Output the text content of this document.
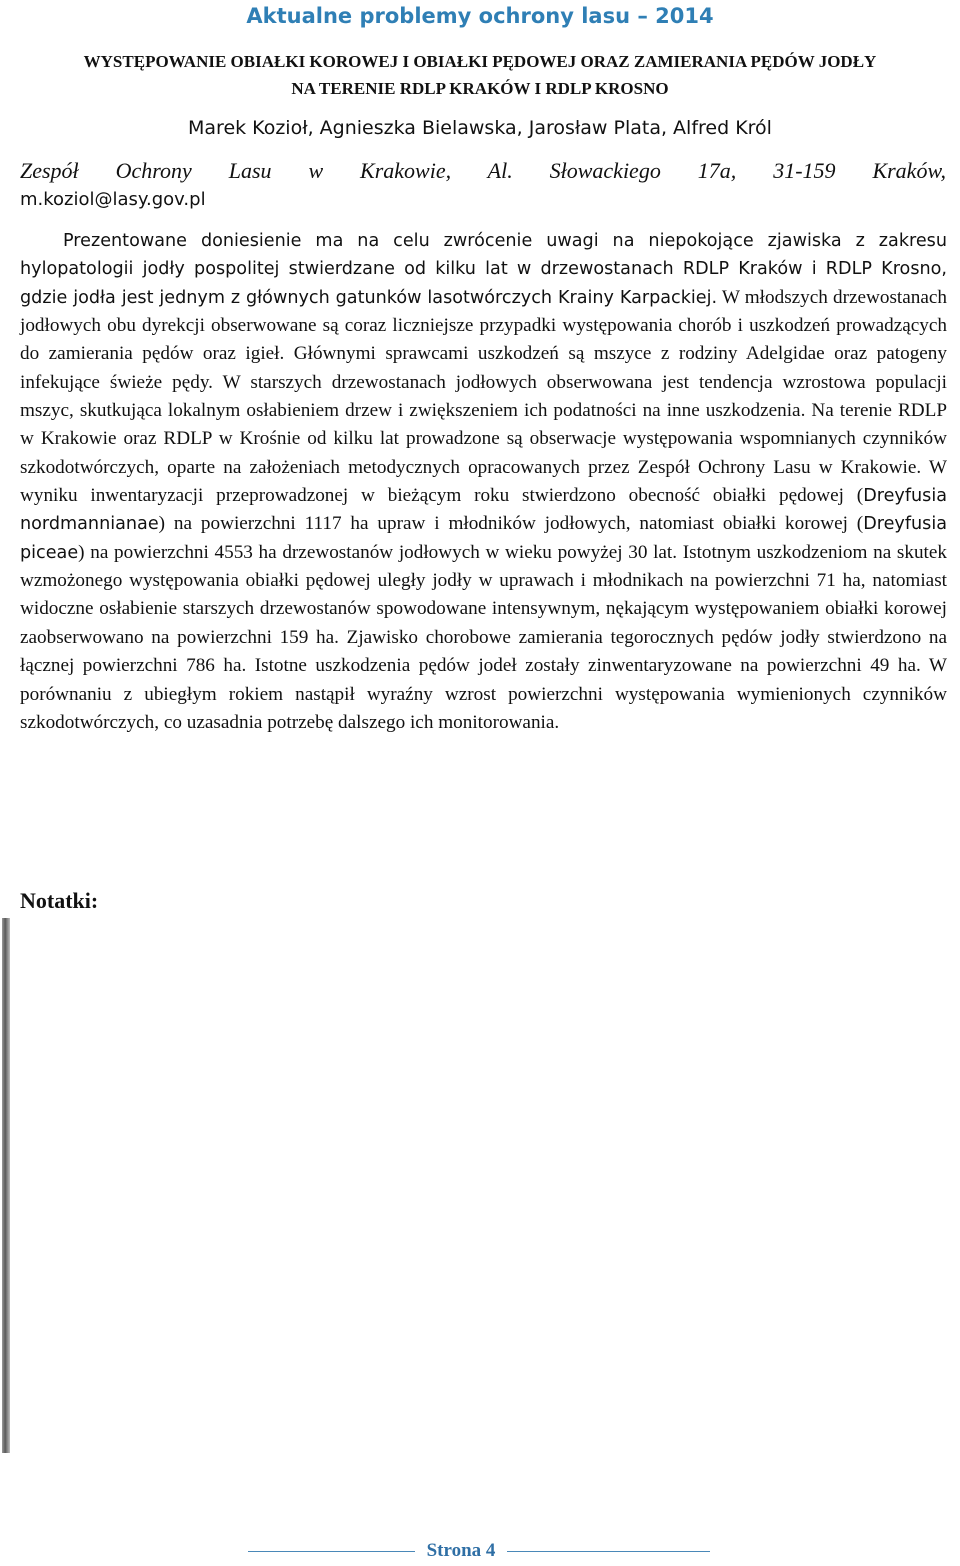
Aktualne problemy ochrony lasu – 2014
WYSTĘPOWANIE OBIAŁKI KOROWEJ I OBIAŁKI PĘDOWEJ ORAZ ZAMIERANIA PĘDÓW JODŁY
NA TERENIE RDLP KRAKÓW I RDLP KROSNO
Marek Kozioł, Agnieszka Bielawska, Jarosław Plata, Alfred Król
Zespół Ochrony Lasu w Krakowie, Al. Słowackiego 17a, 31-159 Kraków,
m.koziol@lasy.gov.pl

Prezentowane doniesienie ma na celu zwrócenie uwagi na niepokojące zjawiska z zakresu hylopatologii jodły pospolitej stwierdzane od kilku lat w drzewostanach RDLP Kraków i RDLP Krosno, gdzie jodła jest jednym z głównych gatunków lasotwórczych Krainy Karpackiej. W młodszych drzewostanach jodłowych obu dyrekcji obserwowane są coraz liczniejsze przypadki występowania chorób i uszkodzeń prowadzących do zamierania pędów oraz igieł. Głównymi sprawcami uszkodzeń są mszyce z rodziny Adelgidae oraz patogeny infekujące świeże pędy. W starszych drzewostanach jodłowych obserwowana jest tendencja wzrostowa populacji mszyc, skutkująca lokalnym osłabieniem drzew i zwiększeniem ich podatności na inne uszkodzenia. Na terenie RDLP w Krakowie oraz RDLP w Krośnie od kilku lat prowadzone są obserwacje występowania wspomnianych czynników szkodotwórczych, oparte na założeniach metodycznych opracowanych przez Zespół Ochrony Lasu w Krakowie. W wyniku inwentaryzacji przeprowadzonej w bieżącym roku stwierdzono obecność obiałki pędowej (Dreyfusia nordmannianae) na powierzchni 1117 ha upraw i młodników jodłowych, natomiast obiałki korowej (Dreyfusia piceae) na powierzchni 4553 ha drzewostanów jodłowych w wieku powyżej 30 lat. Istotnym uszkodzeniom na skutek wzmożonego występowania obiałki pędowej uległy jodły w uprawach i młodnikach na powierzchni 71 ha, natomiast widoczne osłabienie starszych drzewostanów spowodowane intensywnym, nękającym występowaniem obiałki korowej zaobserwowano na powierzchni 159 ha. Zjawisko chorobowe zamierania tegorocznych pędów jodły stwierdzono na łącznej powierzchni 786 ha. Istotne uszkodzenia pędów jodeł zostały zinwentaryzowane na powierzchni 49 ha. W porównaniu z ubiegłym rokiem nastąpił wyraźny wzrost powierzchni występowania wymienionych czynników szkodotwórczych, co uzasadnia potrzebę dalszego ich monitorowania.

Notatki:
Strona 4
